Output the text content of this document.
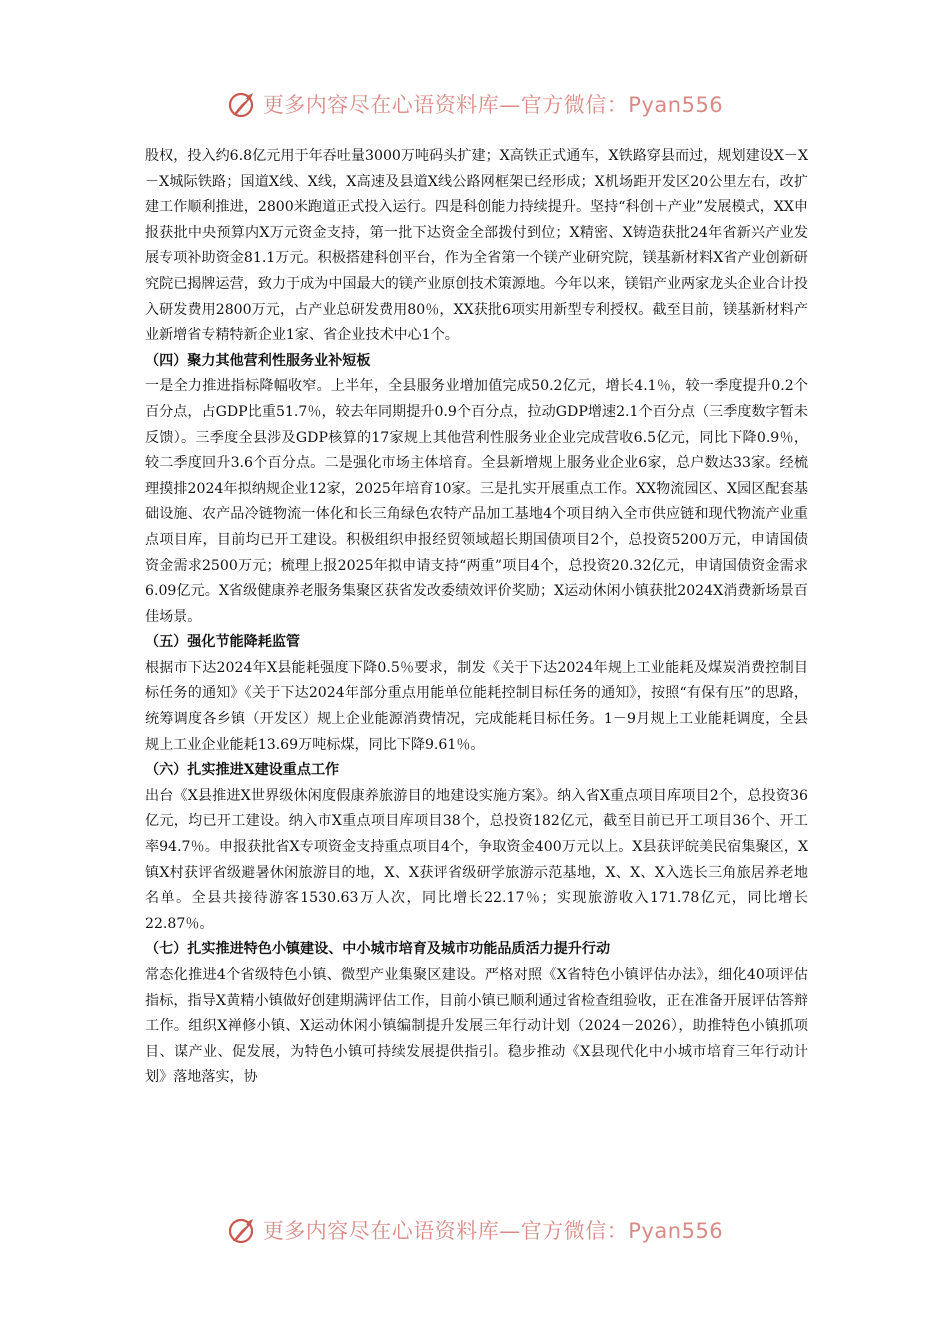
更多内容尽在心语资料库—官方微信：Pyan556

股权，投入约6.8亿元用于年吞吐量3000万吨码头扩建；X高铁正式通车，X铁路穿县而过，规划建设X－X－X城际铁路；国道X线、X线，X高速及县道X线公路网框架已经形成；X机场距开发区20公里左右，改扩建工作顺利推进，2800米跑道正式投入运行。四是科创能力持续提升。坚持“科创＋产业”发展模式，XX申报获批中央预算内X万元资金支持，第一批下达资金全部拨付到位；X精密、X铸造获批24年省新兴产业发展专项补助资金81.1万元。积极搭建科创平台，作为全省第一个镁产业研究院，镁基新材料X省产业创新研究院已揭牌运营，致力于成为中国最大的镁产业原创技术策源地。今年以来，镁铝产业两家龙头企业合计投入研发费用2800万元，占产业总研发费用80％，XX获批6项实用新型专利授权。截至目前，镁基新材料产业新增省专精特新企业1家、省企业技术中心1个。

（四）聚力其他营利性服务业补短板

一是全力推进指标降幅收窄。上半年，全县服务业增加值完成50.2亿元，增长4.1％，较一季度提升0.2个百分点，占GDP比重51.7％，较去年同期提升0.9个百分点，拉动GDP增速2.1个百分点（三季度数字暂未反馈）。三季度全县涉及GDP核算的17家规上其他营利性服务业企业完成营收6.5亿元，同比下降0.9％，较二季度回升3.6个百分点。二是强化市场主体培育。全县新增规上服务业企业6家，总户数达33家。经梳理摸排2024年拟纳规企业12家，2025年培育10家。三是扎实开展重点工作。XX物流园区、X园区配套基础设施、农产品冷链物流一体化和长三角绿色农特产品加工基地4个项目纳入全市供应链和现代物流产业重点项目库，目前均已开工建设。积极组织申报经贸领域超长期国债项目2个，总投资5200万元，申请国债资金需求2500万元；梳理上报2025年拟申请支持“两重”项目4个，总投资20.32亿元，申请国债资金需求6.09亿元。X省级健康养老服务集聚区获省发改委绩效评价奖励；X运动休闲小镇获批2024X消费新场景百佳场景。

（五）强化节能降耗监管

根据市下达2024年X县能耗强度下降0.5％要求，制发《关于下达2024年规上工业能耗及煤炭消费控制目标任务的通知》《关于下达2024年部分重点用能单位能耗控制目标任务的通知》，按照“有保有压”的思路，统筹调度各乡镇（开发区）规上企业能源消费情况，完成能耗目标任务。1－9月规上工业能耗调度，全县规上工业企业能耗13.69万吨标煤，同比下降9.61％。

（六）扎实推进X建设重点工作

出台《X县推进X世界级休闲度假康养旅游目的地建设实施方案》。纳入省X重点项目库项目2个，总投资36亿元，均已开工建设。纳入市X重点项目库项目38个，总投资182亿元，截至目前已开工项目36个、开工率94.7％。申报获批省X专项资金支持重点项目4个，争取资金400万元以上。X县获评皖美民宿集聚区，X镇X村获评省级避暑休闲旅游目的地，X、X获评省级研学旅游示范基地，X、X、X入选长三角旅居养老地名单。全县共接待游客1530.63万人次，同比增长22.17％；实现旅游收入171.78亿元，同比增长22.87％。

（七）扎实推进特色小镇建设、中小城市培育及城市功能品质活力提升行动

常态化推进4个省级特色小镇、微型产业集聚区建设。严格对照《X省特色小镇评估办法》，细化40项评估指标，指导X黄精小镇做好创建期满评估工作，目前小镇已顺利通过省检查组验收，正在准备开展评估答辩工作。组织X禅修小镇、X运动休闲小镇编制提升发展三年行动计划（2024－2026），助推特色小镇抓项目、谋产业、促发展，为特色小镇可持续发展提供指引。稳步推动《X县现代化中小城市培育三年行动计划》落地落实，协

更多内容尽在心语资料库—官方微信：Pyan556
